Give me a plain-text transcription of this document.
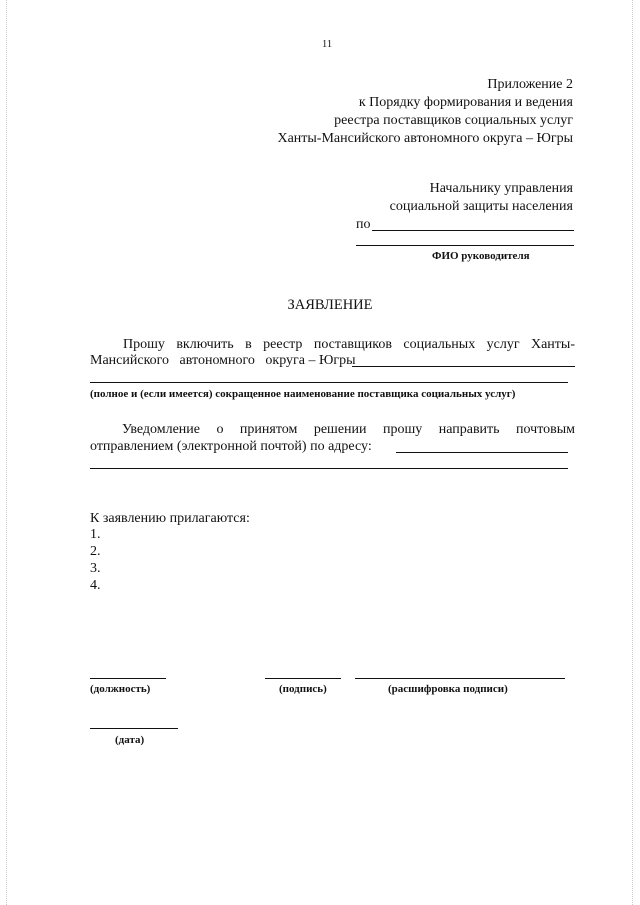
11
Приложение 2
к Порядку формирования и ведения
реестра поставщиков социальных услуг
Ханты-Мансийского автономного округа – Югры
Начальнику управления
социальной защиты населения
по
ФИО руководителя
ЗАЯВЛЕНИЕ
Прошу включить в реестр поставщиков социальных услуг Ханты-
Мансийского   автономного   округа – Югры
(полное и (если имеется) сокращенное наименование поставщика социальных услуг)
Уведомление о принятом решении прошу направить почтовым
отправлением (электронной почтой) по адресу:
К заявлению прилагаются:
1.
2.
3.
4.
(должность)	(подпись)	(расшифровка подписи)
(дата)
